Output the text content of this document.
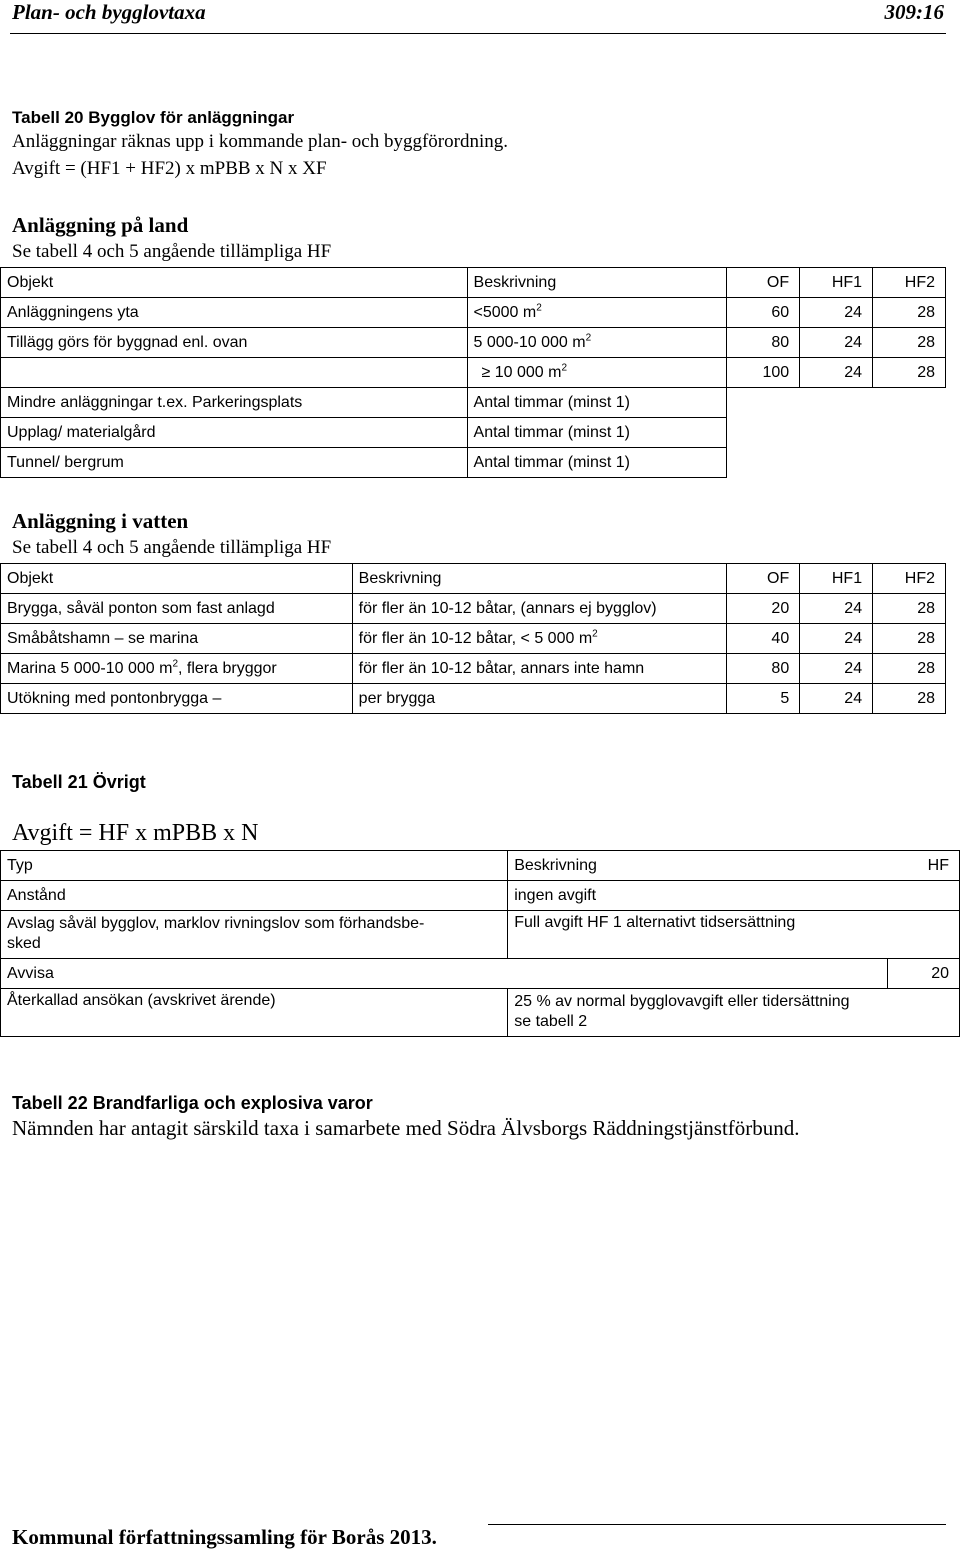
Plan- och bygglovtaxa	309:16
Tabell 20 Bygglov för anläggningar
Anläggningar räknas upp i kommande plan- och byggförordning.
Avgift = (HF1 + HF2) x mPBB x N x XF
Anläggning på land
Se tabell 4 och 5 angående tillämpliga HF
Objekt	Beskrivning	OF	HF1	HF2
Anläggningens yta	<5000 $m^2$	60	24	28
Tillägg görs för byggnad enl. ovan	5 000-10 000 $m^2$	80	24	28
	≥ 10 000 $m^2$	100	24	28
Mindre anläggningar t.ex. Parkeringsplats	Antal timmar (minst 1)			
Upplag/ materialgård	Antal timmar (minst 1)			
Tunnel/ bergrum	Antal timmar (minst 1)			
Anläggning i vatten
Se tabell 4 och 5 angående tillämpliga HF
Objekt	Beskrivning	OF	HF1	HF2
Brygga, såväl ponton som fast anlagd	för fler än 10-12 båtar, (annars ej bygglov)	20	24	28
Småbåtshamn – se marina	för fler än 10-12 båtar, < 5 000 $m^2$	40	24	28
Marina 5 000-10 000 $m^2$, flera bryggor	för fler än 10-12 båtar, annars inte hamn	80	24	28
Utökning med pontonbrygga –	per brygga	5	24	28
Tabell 21 Övrigt
Avgift = HF x mPBB x N
Typ	Beskrivning	HF
Anstånd	ingen avgift	
Avslag såväl bygglov, marklov rivningslov som förhandsbe-
sked	Full avgift HF 1 alternativt tidsersättning	
Avvisa		20
Återkallad ansökan (avskrivet ärende)	25 % av normal bygglovavgift eller tidersättning
se tabell 2	
Tabell 22 Brandfarliga och explosiva varor
Nämnden har antagit särskild taxa i samarbete med Södra Älvsborgs Räddningstjänstförbund.
Kommunal författningssamling för Borås 2013.
